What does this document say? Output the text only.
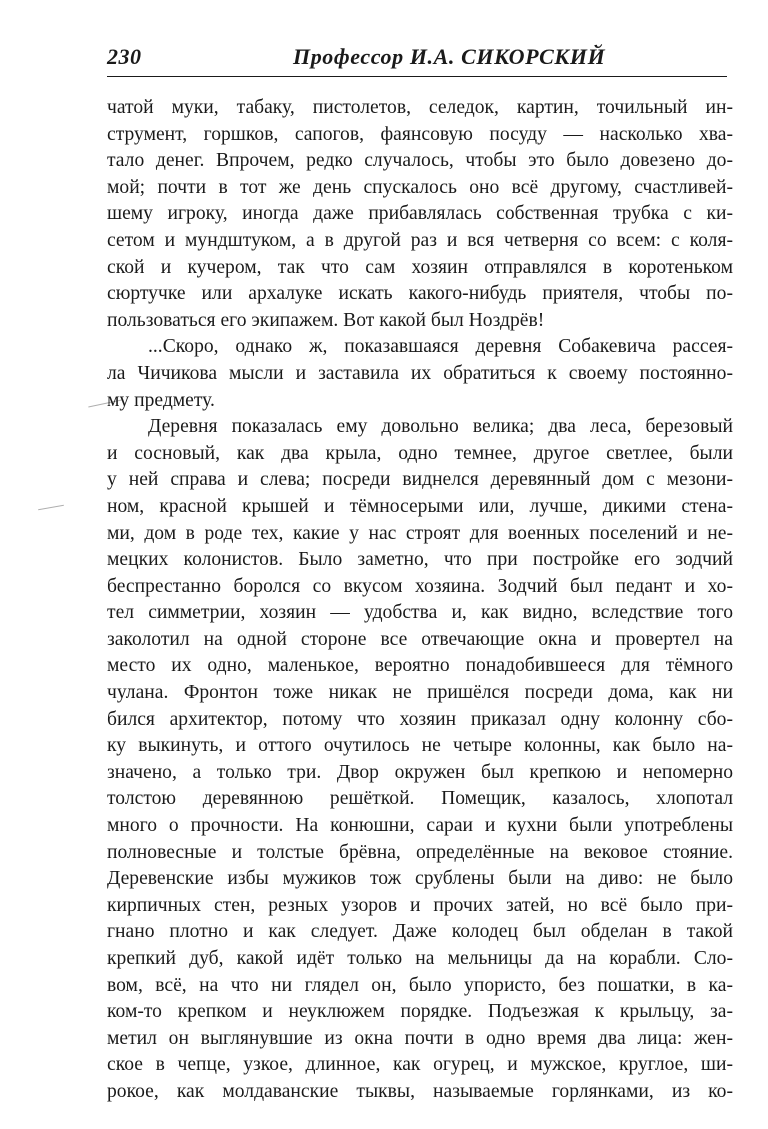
230	Профессор И.А. СИКОРСКИЙ
чатой муки, табаку, пистолетов, селедок, картин, точильный ин-
струмент, горшков, сапогов, фаянсовую посуду — насколько хва-
тало денег. Впрочем, редко случалось, чтобы это было довезено до-
мой; почти в тот же день спускалось оно всё другому, счастливей-
шему игроку, иногда даже прибавлялась собственная трубка с ки-
сетом и мундштуком, а в другой раз и вся четверня со всем: с коля-
ской и кучером, так что сам хозяин отправлялся в коротеньком
сюртучке или архалуке искать какого-нибудь приятеля, чтобы по-
пользоваться его экипажем. Вот какой был Ноздрёв!
...Скоро, однако ж, показавшаяся деревня Собакевича рассея-
ла Чичикова мысли и заставила их обратиться к своему постоянно-
му предмету.
Деревня показалась ему довольно велика; два леса, березовый
и сосновый, как два крыла, одно темнее, другое светлее, были
у ней справа и слева; посреди виднелся деревянный дом с мезони-
ном, красной крышей и тёмносерыми или, лучше, дикими стена-
ми, дом в роде тех, какие у нас строят для военных поселений и не-
мецких колонистов. Было заметно, что при постройке его зодчий
беспрестанно боролся со вкусом хозяина. Зодчий был педант и хо-
тел симметрии, хозяин — удобства и, как видно, вследствие того
заколотил на одной стороне все отвечающие окна и провертел на
место их одно, маленькое, вероятно понадобившееся для тёмного
чулана. Фронтон тоже никак не пришёлся посреди дома, как ни
бился архитектор, потому что хозяин приказал одну колонну сбо-
ку выкинуть, и оттого очутилось не четыре колонны, как было на-
значено, а только три. Двор окружен был крепкою и непомерно
толстою деревянною решёткой. Помещик, казалось, хлопотал
много о прочности. На конюшни, сараи и кухни были употреблены
полновесные и толстые брёвна, определённые на вековое стояние.
Деревенские избы мужиков тож срублены были на диво: не было
кирпичных стен, резных узоров и прочих затей, но всё было при-
гнано плотно и как следует. Даже колодец был обделан в такой
крепкий дуб, какой идёт только на мельницы да на корабли. Сло-
вом, всё, на что ни глядел он, было упористо, без пошатки, в ка-
ком-то крепком и неуклюжем порядке. Подъезжая к крыльцу, за-
метил он выглянувшие из окна почти в одно время два лица: жен-
ское в чепце, узкое, длинное, как огурец, и мужское, круглое, ши-
рокое, как молдаванские тыквы, называемые горлянками, из ко-
